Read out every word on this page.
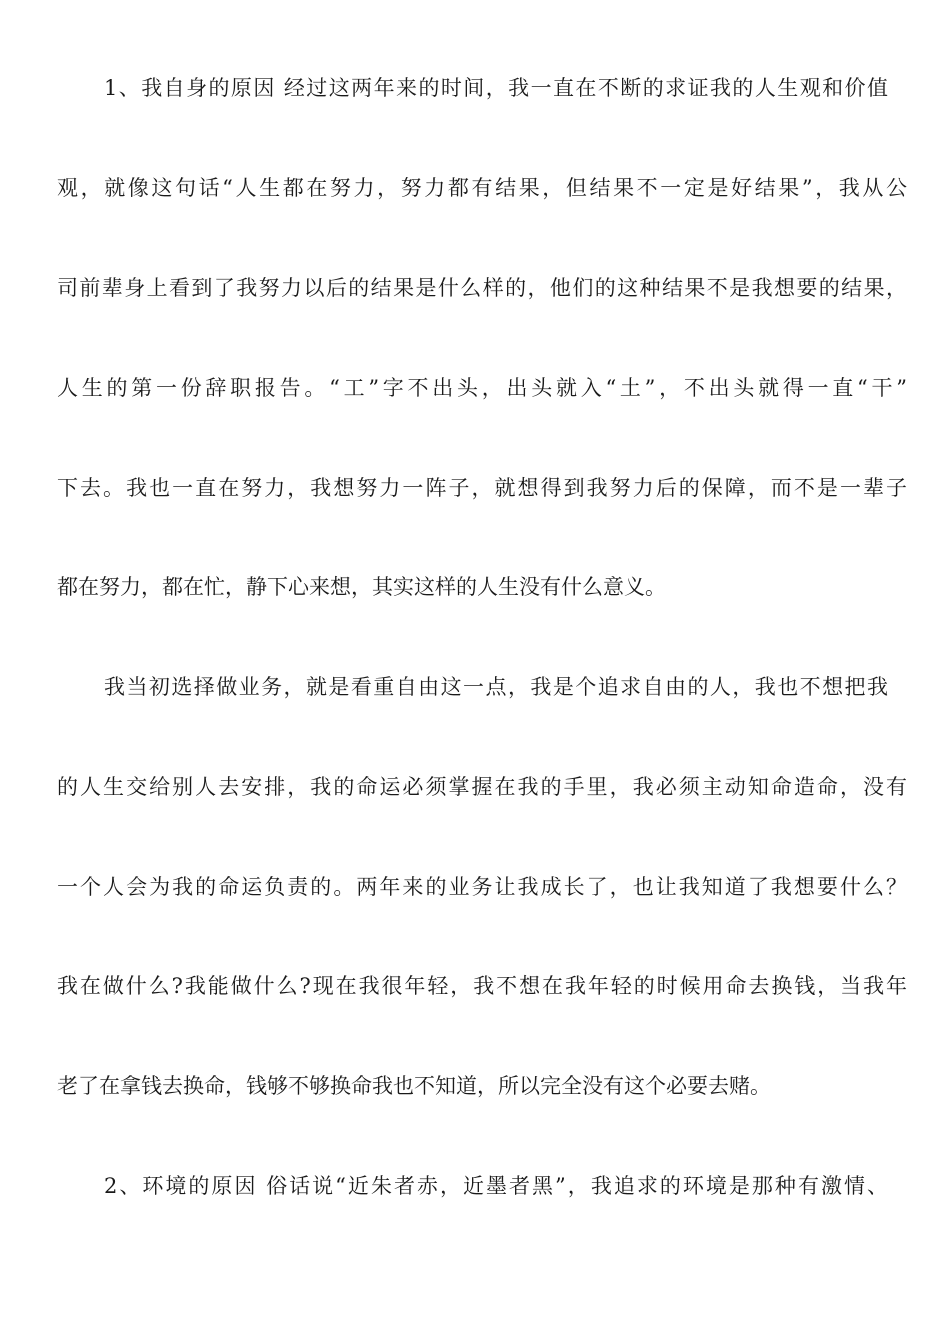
1、我自身的原因 经过这两年来的时间，我一直在不断的求证我的人生观和价值
观，就像这句话“人生都在努力，努力都有结果，但结果不一定是好结果”，我从公
司前辈身上看到了我努力以后的结果是什么样的，他们的这种结果不是我想要的结果，
人生的第一份辞职报告。“工”字不出头，出头就入“土”，不出头就得一直“干”
下去。我也一直在努力，我想努力一阵子，就想得到我努力后的保障，而不是一辈子
都在努力，都在忙，静下心来想，其实这样的人生没有什么意义。
我当初选择做业务，就是看重自由这一点，我是个追求自由的人，我也不想把我
的人生交给别人去安排，我的命运必须掌握在我的手里，我必须主动知命造命，没有
一个人会为我的命运负责的。两年来的业务让我成长了，也让我知道了我想要什么？
我在做什么?我能做什么?现在我很年轻，我不想在我年轻的时候用命去换钱，当我年
老了在拿钱去换命，钱够不够换命我也不知道，所以完全没有这个必要去赌。
2、环境的原因 俗话说“近朱者赤，近墨者黑”，我追求的环境是那种有激情、
